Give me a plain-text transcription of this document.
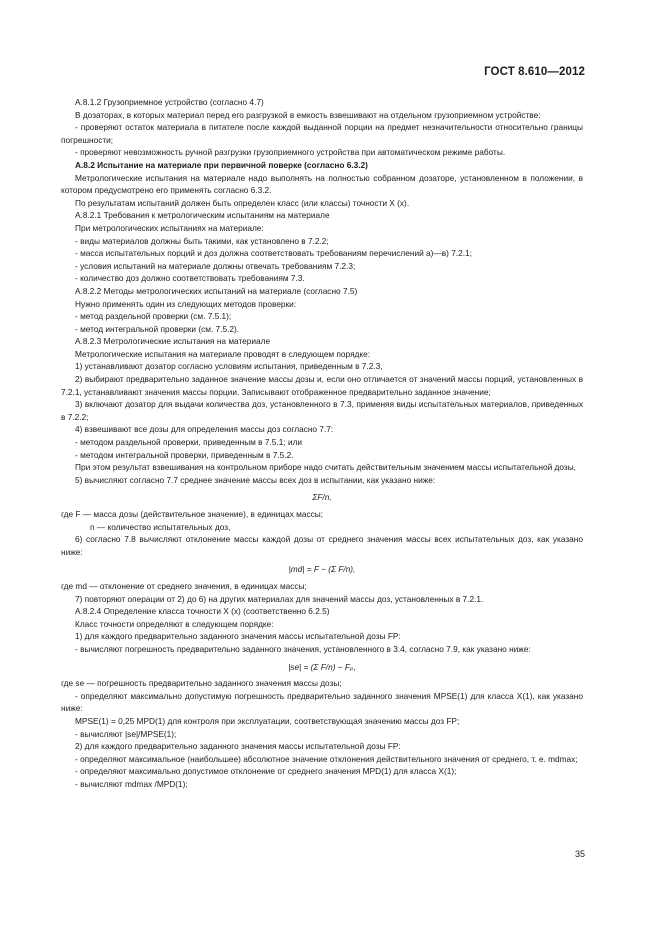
ГОСТ 8.610—2012

А.8.1.2 Грузоприемное устройство (согласно 4.7)

В дозаторах, в которых материал перед его разгрузкой в емкость взвешивают на отдельном грузоприемном устройстве:

- проверяют остаток материала в питателе после каждой выданной порции на предмет незначительности относительно границы погрешности;

- проверяют невозможность ручной разгрузки грузоприемного устройства при автоматическом режиме работы.

А.8.2 Испытание на материале при первичной поверке (согласно 6.3.2)

Метрологические испытания на материале надо выполнять на полностью собранном дозаторе, установленном в положении, в котором предусмотрено его применять согласно 6.3.2.

По результатам испытаний должен быть определен класс (или классы) точности X (x).

А.8.2.1 Требования к метрологическим испытаниям на материале

При метрологических испытаниях на материале:

- виды материалов должны быть такими, как установлено в 7.2.2;

- масса испытательных порций и доз должна соответствовать требованиям перечислений а)—в) 7.2.1;

- условия испытаний на материале должны отвечать требованиям 7.2.3;

- количество доз должно соответствовать требованиям 7.3.

А.8.2.2 Методы метрологических испытаний на материале (согласно 7.5)

Нужно применять один из следующих методов проверки:

- метод раздельной проверки (см. 7.5.1);

- метод интегральной проверки (см. 7.5.2).

А.8.2.3 Метрологические испытания на материале

Метрологические испытания на материале проводят в следующем порядке:

1) устанавливают дозатор согласно условиям испытания, приведенным в 7.2.3,

2) выбирают предварительно заданное значение массы дозы и, если оно отличается от значений массы порций, установленных в 7.2.1, устанавливают значения массы порции. Записывают отображенное предварительно заданное значение;

3) включают дозатор для выдачи количества доз, установленного в 7.3, применяя виды испытательных материалов, приведенных в 7.2.2;

4) взвешивают все дозы для определения массы доз согласно 7.7:

- методом раздельной проверки, приведенным в 7.5.1; или

- методом интегральной проверки, приведенным в 7.5.2.

При этом результат взвешивания на контрольном приборе надо считать действительным значением массы испытательной дозы,

5) вычисляют согласно 7.7 среднее значение массы всех доз в испытании, как указано ниже:

ΣF/n,

где F — масса дозы (действительное значение), в единицах массы;

n — количество испытательных доз,

6) согласно 7.8 вычисляют отклонение массы каждой дозы от среднего значения массы всех испытательных доз, как указано ниже:

|md| = F − (Σ F/n),

где md — отклонение от среднего значения, в единицах массы;

7) повторяют операции от 2) до 6) на других материалах для значений массы доз, установленных в 7.2.1.

А.8.2.4 Определение класса точности X (x) (соответственно 6.2.5)

Класс точности определяют в следующем порядке:

1) для каждого предварительно заданного значения массы испытательной дозы FP:

- вычисляют погрешность предварительно заданного значения, установленного в 3.4, согласно 7.9, как указано ниже:

|se| = (Σ F/n) − Fₚ,

где se — погрешность предварительно заданного значения массы дозы;

- определяют максимально допустимую погрешность предварительно заданного значения MPSE(1) для класса X(1), как указано ниже:

MPSE(1) = 0,25 MPD(1) для контроля при эксплуатации, соответствующая значению массы доз FP;

- вычисляют |se|/MPSE(1);

2) для каждого предварительно заданного значения массы испытательной дозы FP:

- определяют максимальное (наибольшее) абсолютное значение отклонения действительного значения от среднего, т. е. mdmax;

- определяют максимально допустимое отклонение от среднего значения MPD(1) для класса X(1);

- вычисляют mdmax /MPD(1);

35
